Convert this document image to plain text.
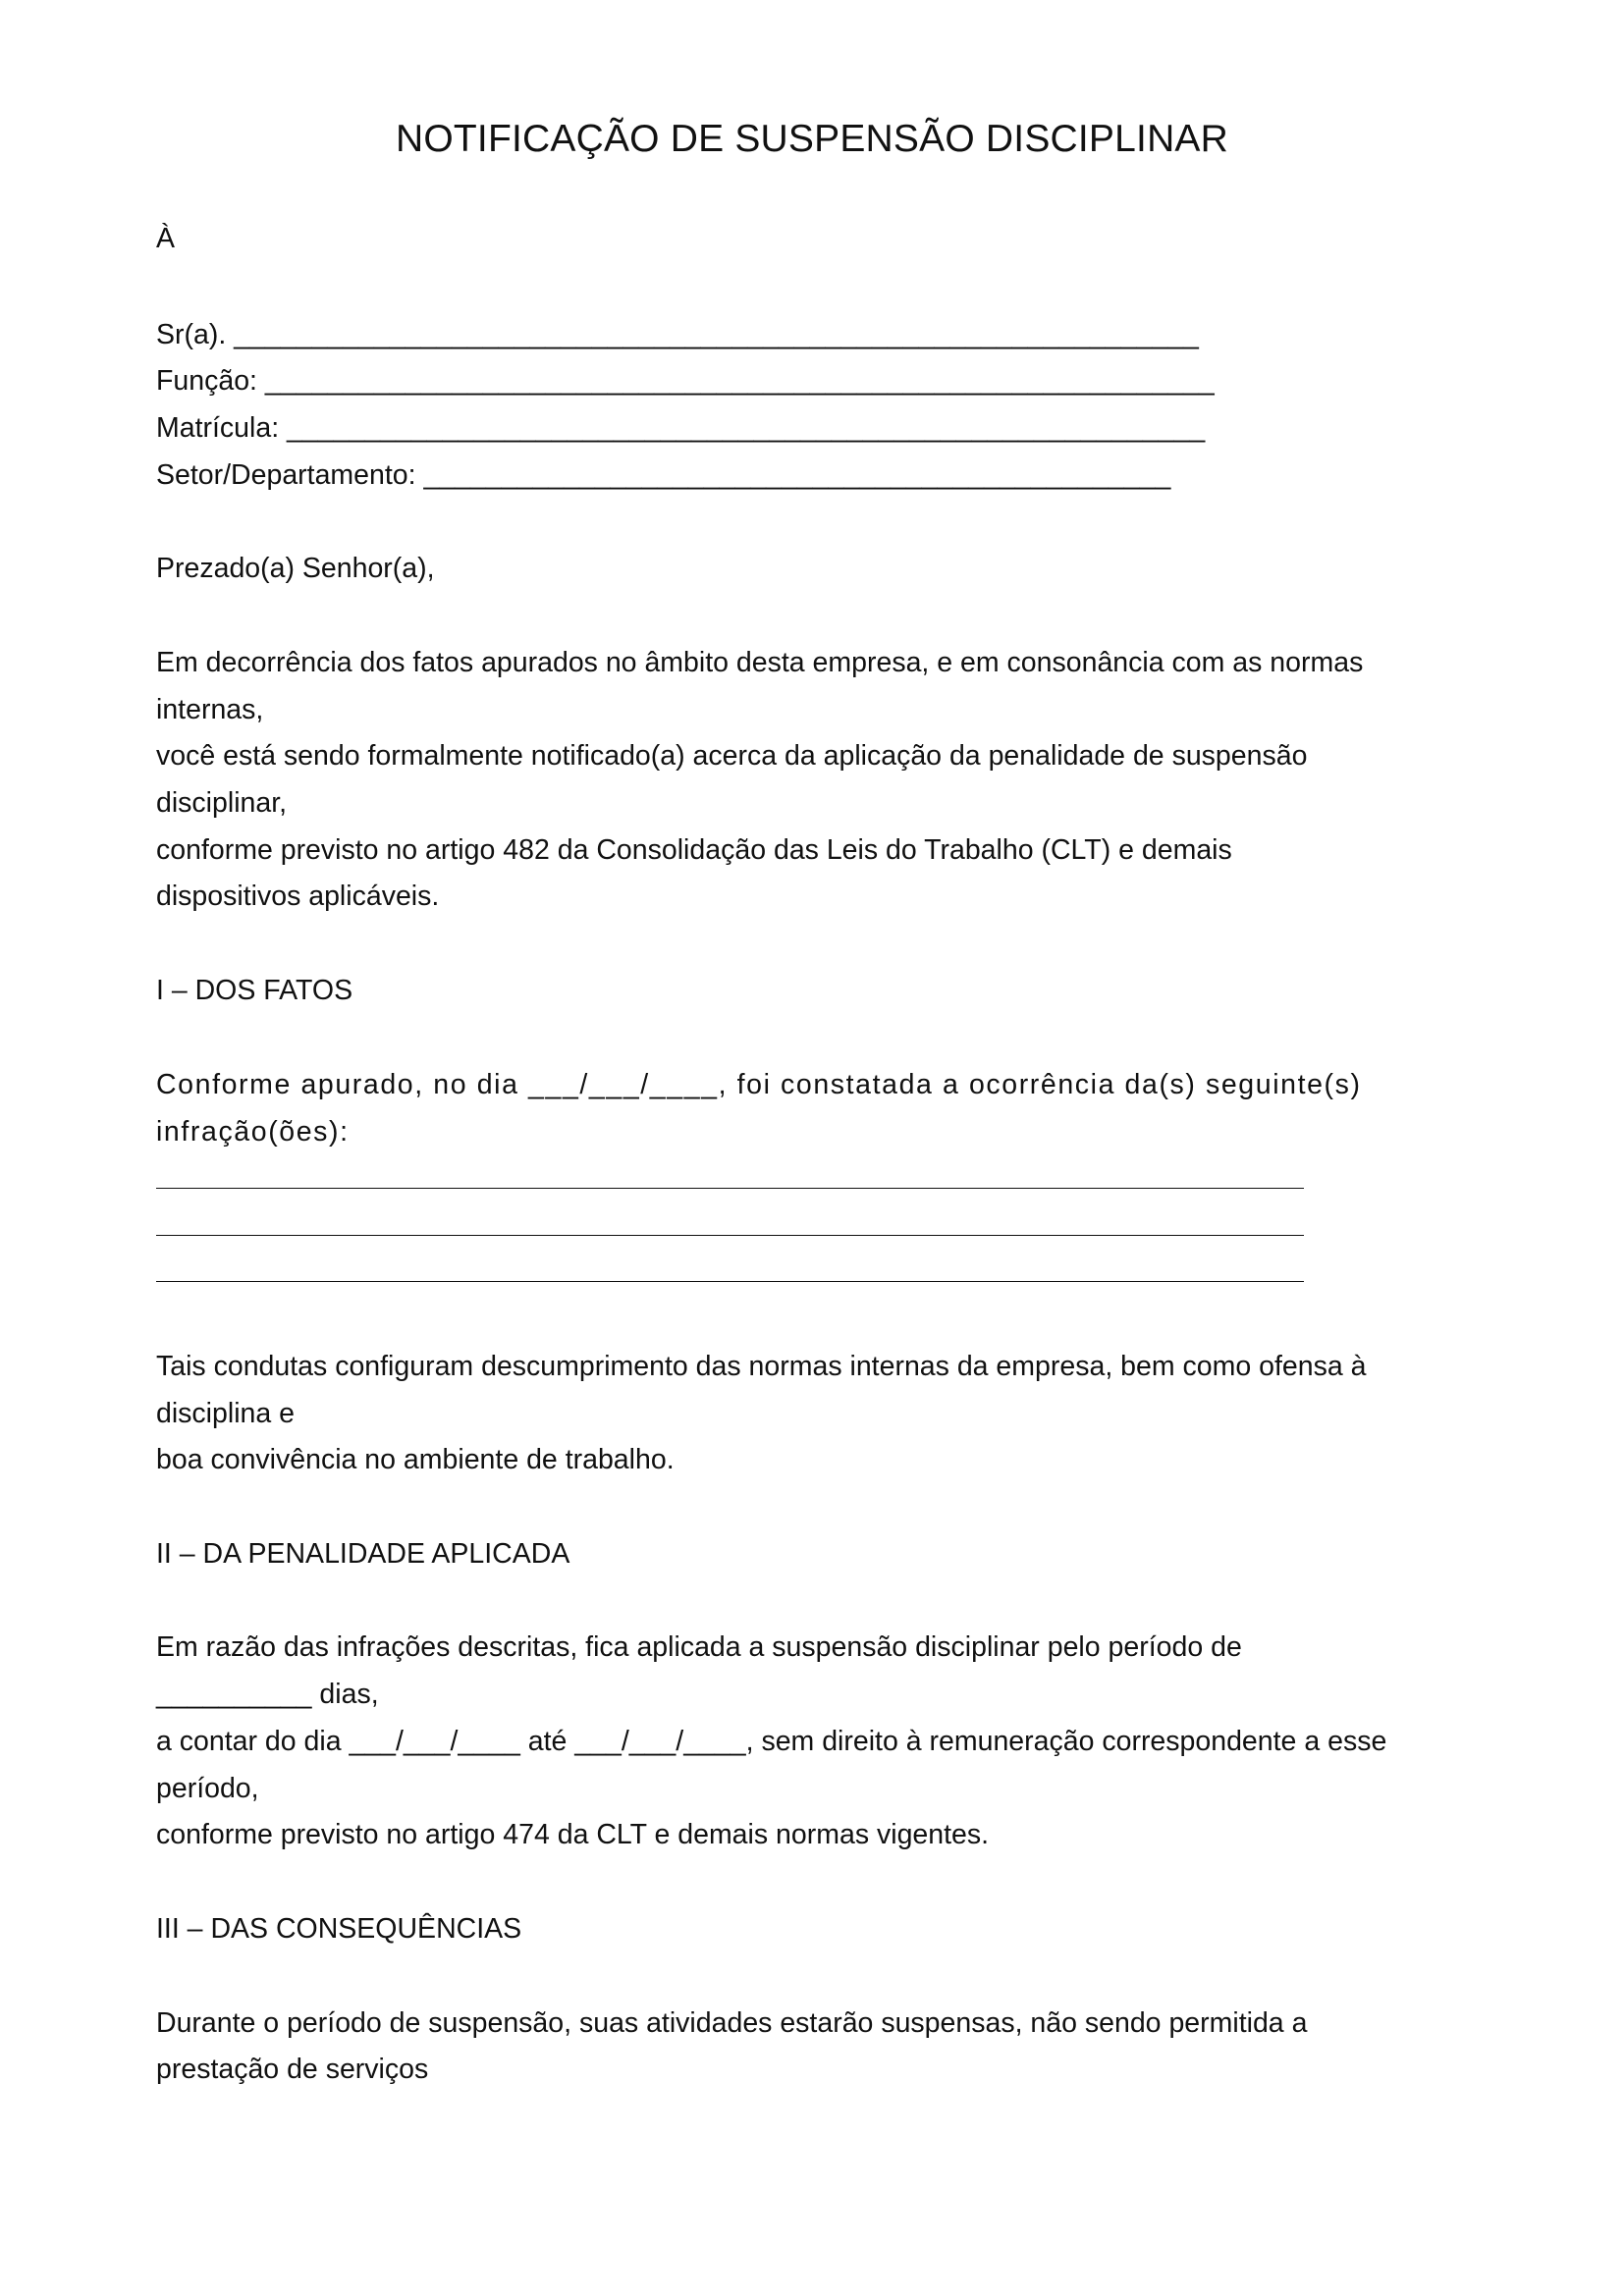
NOTIFICAÇÃO DE SUSPENSÃO DISCIPLINAR
À
Sr(a). ______________________________________________________________
Função: _____________________________________________________________
Matrícula: ___________________________________________________________
Setor/Departamento: ________________________________________________
Prezado(a) Senhor(a),
Em decorrência dos fatos apurados no âmbito desta empresa, e em consonância com as normas
internas,
você está sendo formalmente notificado(a) acerca da aplicação da penalidade de suspensão
disciplinar,
conforme previsto no artigo 482 da Consolidação das Leis do Trabalho (CLT) e demais
dispositivos aplicáveis.
I – DOS FATOS
Conforme apurado, no dia ___/___/____, foi constatada a ocorrência da(s) seguinte(s)
infração(ões):
Tais condutas configuram descumprimento das normas internas da empresa, bem como ofensa à
disciplina e
boa convivência no ambiente de trabalho.
II – DA PENALIDADE APLICADA
Em razão das infrações descritas, fica aplicada a suspensão disciplinar pelo período de
__________ dias,
a contar do dia ___/___/____ até ___/___/____, sem direito à remuneração correspondente a esse
período,
conforme previsto no artigo 474 da CLT e demais normas vigentes.
III – DAS CONSEQUÊNCIAS
Durante o período de suspensão, suas atividades estarão suspensas, não sendo permitida a
prestação de serviços
